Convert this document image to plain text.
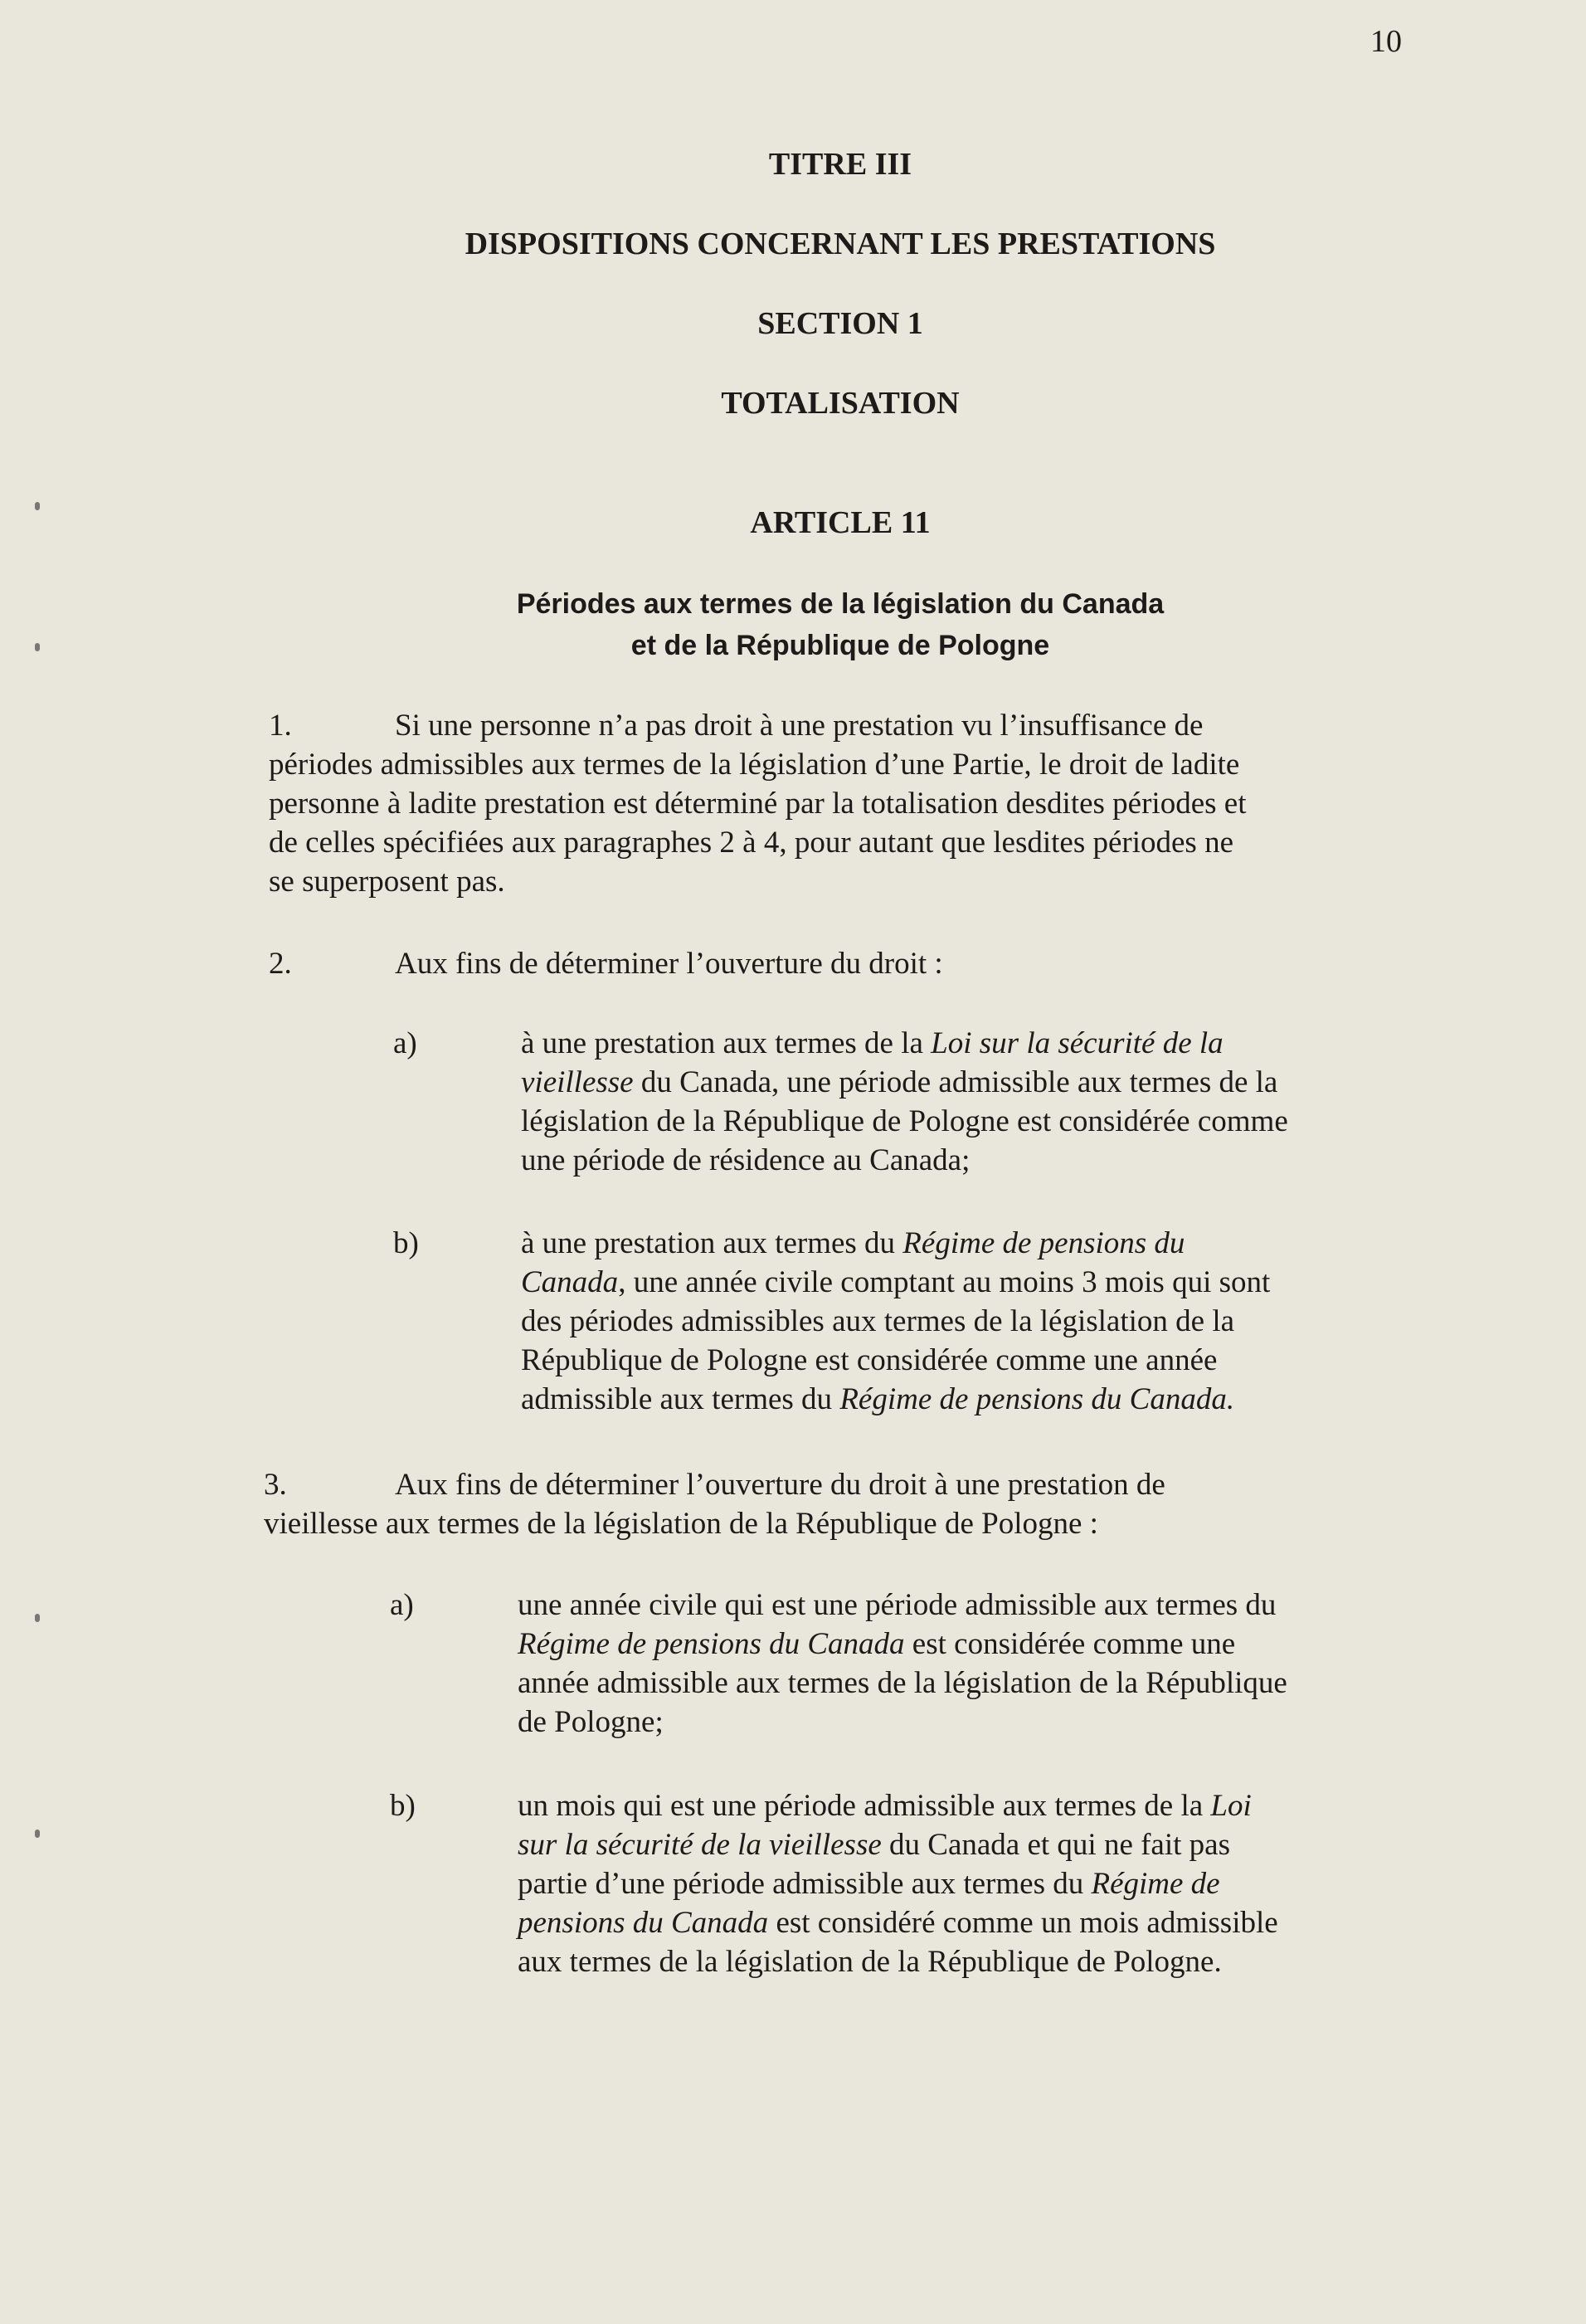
10
TITRE III
DISPOSITIONS CONCERNANT LES PRESTATIONS
SECTION 1
TOTALISATION
ARTICLE 11
Périodes aux termes de la législation du Canada
et de la République de Pologne
1.	Si une personne n’a pas droit à une prestation vu l’insuffisance de
périodes admissibles aux termes de la législation d’une Partie, le droit de ladite
personne à ladite prestation est déterminé par la totalisation desdites périodes et
de celles spécifiées aux paragraphes 2 à 4, pour autant que lesdites périodes ne
se superposent pas.
2.	Aux fins de déterminer l’ouverture du droit :
a)	à une prestation aux termes de la Loi sur la sécurité de la
vieillesse du Canada, une période admissible aux termes de la
législation de la République de Pologne est considérée comme
une période de résidence au Canada;
b)	à une prestation aux termes du Régime de pensions du
Canada, une année civile comptant au moins 3 mois qui sont
des périodes admissibles aux termes de la législation de la
République de Pologne est considérée comme une année
admissible aux termes du Régime de pensions du Canada.
3.	Aux fins de déterminer l’ouverture du droit à une prestation de
vieillesse aux termes de la législation de la République de Pologne :
a)	une année civile qui est une période admissible aux termes du
Régime de pensions du Canada est considérée comme une
année admissible aux termes de la législation de la République
de Pologne;
b)	un mois qui est une période admissible aux termes de la Loi
sur la sécurité de la vieillesse du Canada et qui ne fait pas
partie d’une période admissible aux termes du Régime de
pensions du Canada est considéré comme un mois admissible
aux termes de la législation de la République de Pologne.
